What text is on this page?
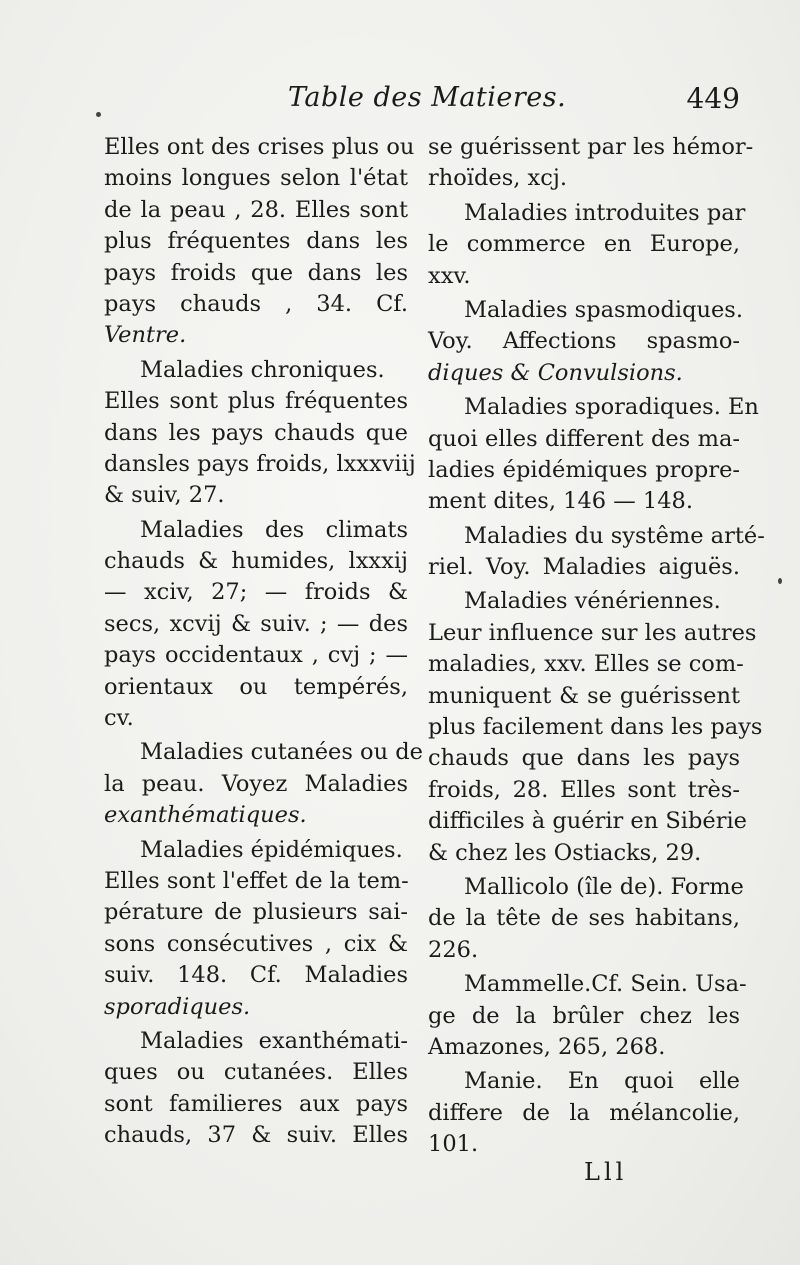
Table des Matieres.	449
Elles ont des crises plus ou
moins longues selon l'état
de la peau , 28. Elles sont
plus fréquentes dans les
pays froids que dans les
pays chauds , 34. Cf.
Ventre.
Maladies chroniques.
Elles sont plus fréquentes
dans les pays chauds que
dansles pays froids, lxxxviij
& suiv, 27.
Maladies des climats
chauds & humides, lxxxij
— xciv, 27; — froids &
secs, xcvij & suiv. ; — des
pays occidentaux , cvj ; —
orientaux ou tempérés,
cv.
Maladies cutanées ou de
la peau. Voyez Maladies
exanthématiques.
Maladies épidémiques.
Elles sont l'effet de la tem-
pérature de plusieurs sai-
sons consécutives , cix &
suiv. 148. Cf. Maladies
sporadiques.
Maladies exanthémati-
ques ou cutanées. Elles
sont familieres aux pays
chauds, 37 & suiv. Elles
se guérissent par les hémor-
rhoïdes, xcj.
Maladies introduites par
le commerce en Europe,
xxv.
Maladies spasmodiques.
Voy. Affections spasmo-
diques & Convulsions.
Maladies sporadiques. En
quoi elles different des ma-
ladies épidémiques propre-
ment dites, 146 — 148.
Maladies du systême arté-
riel. Voy. Maladies aiguës.
Maladies vénériennes.
Leur influence sur les autres
maladies, xxv. Elles se com-
muniquent & se guérissent
plus facilement dans les pays
chauds que dans les pays
froids, 28. Elles sont très-
difficiles à guérir en Sibérie
& chez les Ostiacks, 29.
Mallicolo (île de). Forme
de la tête de ses habitans,
226.
Mammelle.Cf. Sein. Usa-
ge de la brûler chez les
Amazones, 265, 268.
Manie. En quoi elle
differe de la mélancolie,
101.
Lll
